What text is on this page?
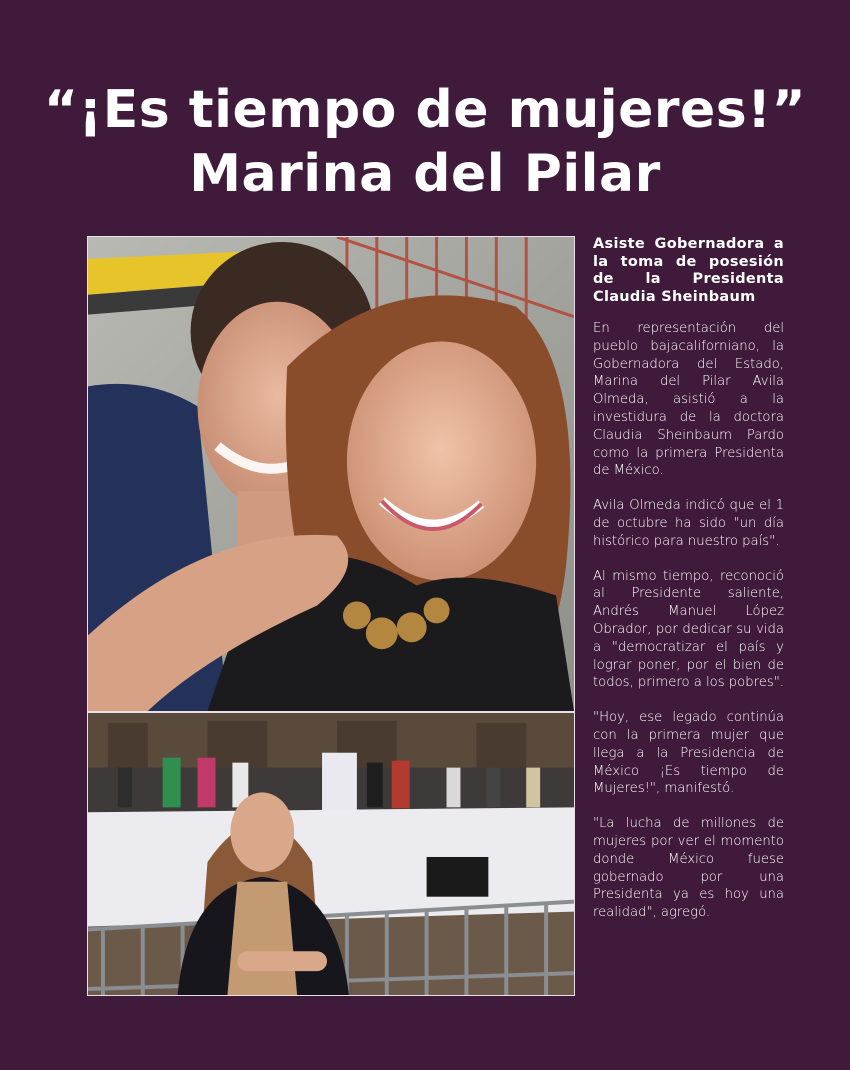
“¡Es tiempo de mujeres!”
Marina del Pilar

Asiste Gobernadora a la toma de posesión de la Presidenta Claudia Sheinbaum

En representación del pueblo bajacaliforniano, la Gobernadora del Estado, Marina del Pilar Avila Olmeda, asistió a la investidura de la doctora Claudia Sheinbaum Pardo como la primera Presidenta de México.

Avila Olmeda indicó que el 1 de octubre ha sido "un día histórico para nuestro país".

Al mismo tiempo, reconoció al Presidente saliente, Andrés Manuel López Obrador, por dedicar su vida a "democratizar el país y lograr poner, por el bien de todos, primero a los pobres".

"Hoy, ese legado continúa con la primera mujer que llega a la Presidencia de México ¡Es tiempo de Mujeres!", manifestó.

"La lucha de millones de mujeres por ver el momento donde México fuese gobernado por una Presidenta ya es hoy una realidad", agregó.
